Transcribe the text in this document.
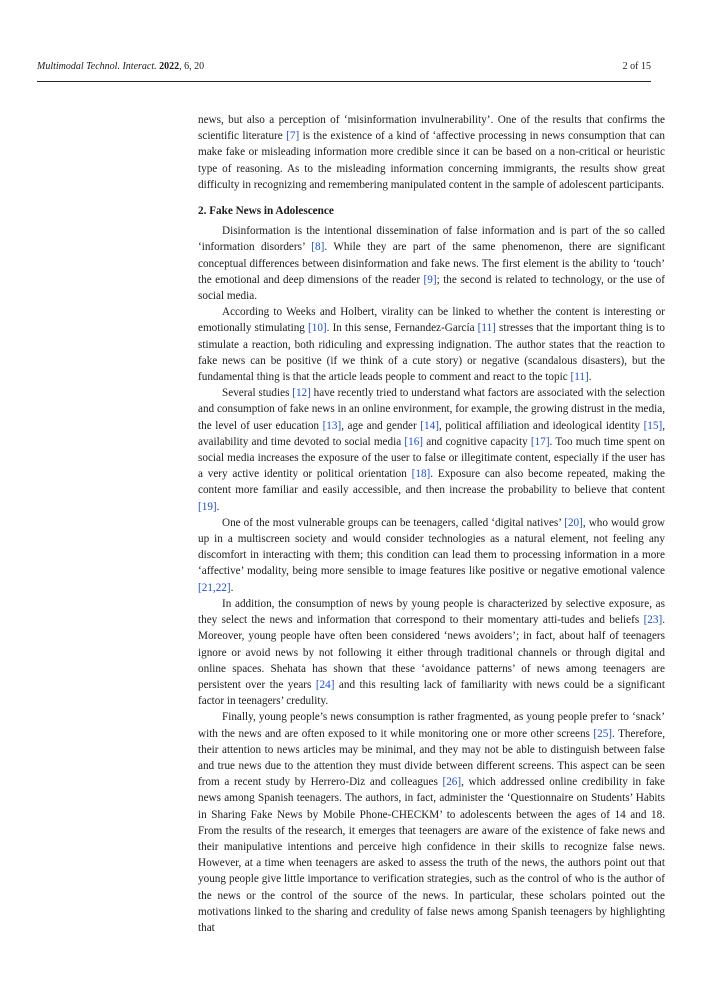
Multimodal Technol. Interact. 2022, 6, 20	2 of 15

news, but also a perception of ‘misinformation invulnerability’. One of the results that confirms the scientific literature [7] is the existence of a kind of ‘affective processing in news consumption that can make fake or misleading information more credible since it can be based on a non-critical or heuristic type of reasoning. As to the misleading information concerning immigrants, the results show great difficulty in recognizing and remembering manipulated content in the sample of adolescent participants.

2. Fake News in Adolescence

Disinformation is the intentional dissemination of false information and is part of the so called ‘information disorders’ [8]. While they are part of the same phenomenon, there are significant conceptual differences between disinformation and fake news. The first element is the ability to ‘touch’ the emotional and deep dimensions of the reader [9]; the second is related to technology, or the use of social media.

According to Weeks and Holbert, virality can be linked to whether the content is interesting or emotionally stimulating [10]. In this sense, Fernandez-García [11] stresses that the important thing is to stimulate a reaction, both ridiculing and expressing indignation. The author states that the reaction to fake news can be positive (if we think of a cute story) or negative (scandalous disasters), but the fundamental thing is that the article leads people to comment and react to the topic [11].

Several studies [12] have recently tried to understand what factors are associated with the selection and consumption of fake news in an online environment, for example, the growing distrust in the media, the level of user education [13], age and gender [14], political affiliation and ideological identity [15], availability and time devoted to social media [16] and cognitive capacity [17]. Too much time spent on social media increases the exposure of the user to false or illegitimate content, especially if the user has a very active identity or political orientation [18]. Exposure can also become repeated, making the content more familiar and easily accessible, and then increase the probability to believe that content [19].

One of the most vulnerable groups can be teenagers, called ‘digital natives’ [20], who would grow up in a multiscreen society and would consider technologies as a natural element, not feeling any discomfort in interacting with them; this condition can lead them to processing information in a more ‘affective’ modality, being more sensible to image features like positive or negative emotional valence [21,22].

In addition, the consumption of news by young people is characterized by selective exposure, as they select the news and information that correspond to their momentary atti-tudes and beliefs [23]. Moreover, young people have often been considered ‘news avoiders’; in fact, about half of teenagers ignore or avoid news by not following it either through traditional channels or through digital and online spaces. Shehata has shown that these ‘avoidance patterns’ of news among teenagers are persistent over the years [24] and this resulting lack of familiarity with news could be a significant factor in teenagers’ credulity.

Finally, young people’s news consumption is rather fragmented, as young people prefer to ‘snack’ with the news and are often exposed to it while monitoring one or more other screens [25]. Therefore, their attention to news articles may be minimal, and they may not be able to distinguish between false and true news due to the attention they must divide between different screens. This aspect can be seen from a recent study by Herrero-Diz and colleagues [26], which addressed online credibility in fake news among Spanish teenagers. The authors, in fact, administer the ‘Questionnaire on Students’ Habits in Sharing Fake News by Mobile Phone-CHECKM’ to adolescents between the ages of 14 and 18. From the results of the research, it emerges that teenagers are aware of the existence of fake news and their manipulative intentions and perceive high confidence in their skills to recognize false news. However, at a time when teenagers are asked to assess the truth of the news, the authors point out that young people give little importance to verification strategies, such as the control of who is the author of the news or the control of the source of the news. In particular, these scholars pointed out the motivations linked to the sharing and credulity of false news among Spanish teenagers by highlighting that
